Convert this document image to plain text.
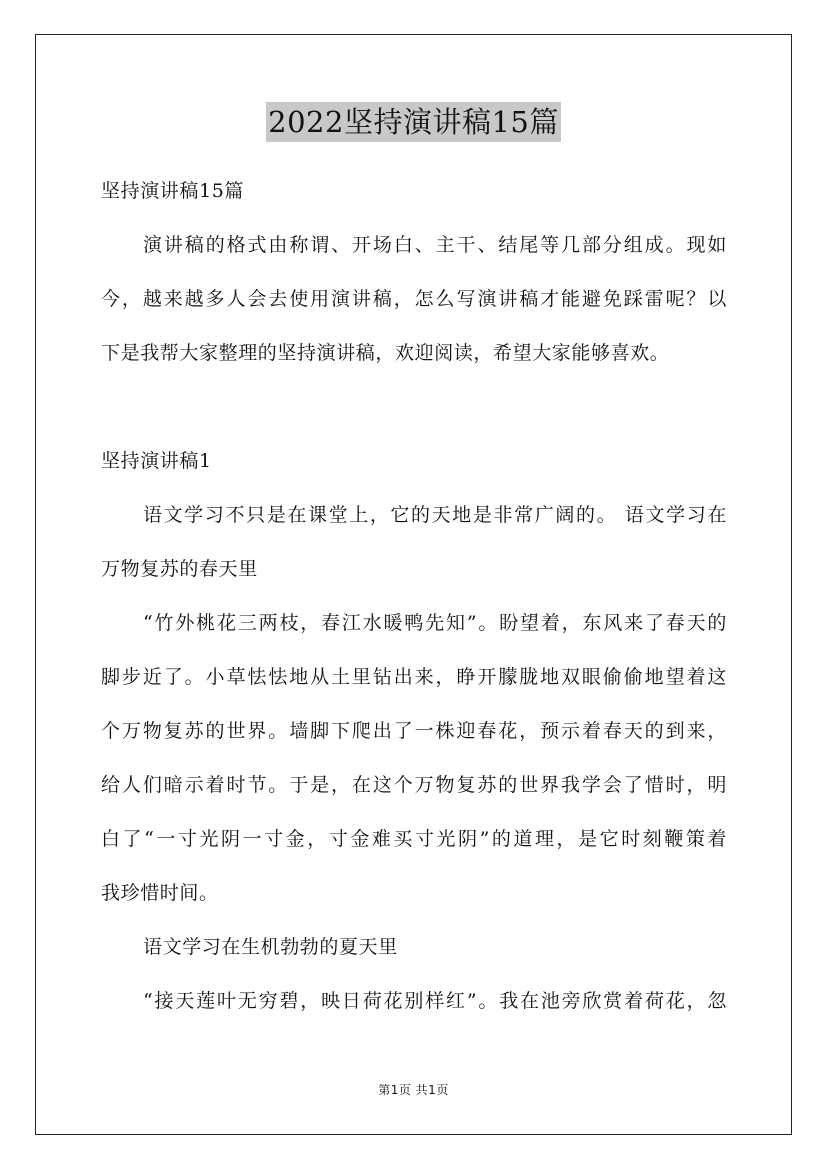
2022坚持演讲稿15篇
坚持演讲稿15篇
演讲稿的格式由称谓、开场白、主干、结尾等几部分组成。现如
今，越来越多人会去使用演讲稿，怎么写演讲稿才能避免踩雷呢？以
下是我帮大家整理的坚持演讲稿，欢迎阅读，希望大家能够喜欢。
坚持演讲稿1
语文学习不只是在课堂上，它的天地是非常广阔的。 语文学习在
万物复苏的春天里
“竹外桃花三两枝，春江水暖鸭先知”。盼望着，东风来了春天的
脚步近了。小草怯怯地从土里钻出来，睁开朦胧地双眼偷偷地望着这
个万物复苏的世界。墙脚下爬出了一株迎春花，预示着春天的到来，
给人们暗示着时节。于是，在这个万物复苏的世界我学会了惜时，明
白了“一寸光阴一寸金，寸金难买寸光阴”的道理，是它时刻鞭策着
我珍惜时间。
语文学习在生机勃勃的夏天里
“接天莲叶无穷碧，映日荷花别样红”。我在池旁欣赏着荷花，忽
第1页 共1页
